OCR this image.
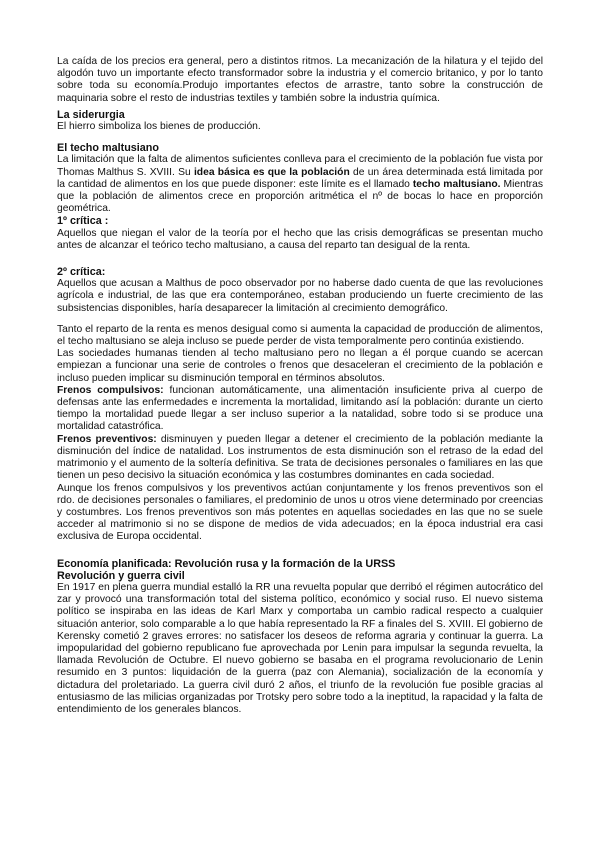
La caída de los precios era general, pero a distintos ritmos. La mecanización de la hilatura y el tejido del algodón tuvo un importante efecto transformador sobre la industria y el comercio britanico, y por lo tanto sobre toda su economía.Produjo importantes efectos de arrastre, tanto sobre la construcción de maquinaria sobre el resto de industrias textiles y también sobre la industria química.

La siderurgia

El hierro simboliza los bienes de producción.

El techo maltusiano

La limitación que la falta de alimentos suficientes conlleva para el crecimiento de la población fue vista por Thomas Malthus S. XVIII. Su idea básica es que la población de un área determinada está limitada por la cantidad de alimentos en los que puede disponer: este límite es el llamado techo maltusiano. Mientras que la población de alimentos crece en proporción aritmética el nº de bocas lo hace en proporción geométrica.

1º crítica :

Aquellos que niegan el valor de la teoría por el hecho que las crisis demográficas se presentan mucho antes de alcanzar el teórico techo maltusiano, a causa del reparto tan desigual de la renta.

2º crítica:

Aquellos que acusan a Malthus de poco observador por no haberse dado cuenta de que las revoluciones agrícola e industrial, de las que era contemporáneo, estaban produciendo un fuerte crecimiento de las subsistencias disponibles, haría desaparecer la limitación al crecimiento demográfico.

Tanto el reparto de la renta es menos desigual como si aumenta la capacidad de producción de alimentos, el techo maltusiano se aleja incluso se puede perder de vista temporalmente pero continúa existiendo.

Las sociedades humanas tienden al techo maltusiano pero no llegan a él porque cuando se acercan empiezan a funcionar una serie de controles o frenos que desaceleran el crecimiento de la población e incluso pueden implicar su disminución temporal en términos absolutos.

Frenos compulsivos: funcionan automáticamente, una alimentación insuficiente priva al cuerpo de defensas ante las enfermedades e incrementa la mortalidad, limitando así la población: durante un cierto tiempo la mortalidad puede llegar a ser incluso superior a la natalidad, sobre todo si se produce una mortalidad catastrófica.

Frenos preventivos: disminuyen y pueden llegar a detener el crecimiento de la población mediante la disminución del índice de natalidad. Los instrumentos de esta disminución son el retraso de la edad del matrimonio y el aumento de la soltería definitiva. Se trata de decisiones personales o familiares en las que tienen un peso decisivo la situación económica y las costumbres dominantes en cada sociedad.

Aunque los frenos compulsivos y los preventivos actúan conjuntamente y los frenos preventivos son el rdo. de decisiones personales o familiares, el predominio de unos u otros viene determinado por creencias y costumbres. Los frenos preventivos son más potentes en aquellas sociedades en las que no se suele acceder al matrimonio si no se dispone de medios de vida adecuados; en la época industrial era casi exclusiva de Europa occidental.

Economía planificada: Revolución rusa y la formación de la URSS

Revolución y guerra civil

En 1917 en plena guerra mundial estalló la RR una revuelta popular que derribó el régimen autocrático del zar y provocó una transformación total del sistema político, económico y social ruso. El nuevo sistema político se inspiraba en las ideas de Karl Marx y comportaba un cambio radical respecto a cualquier situación anterior, solo comparable a lo que había representado la RF a finales del S. XVIII. El gobierno de Kerensky cometió 2 graves errores: no satisfacer los deseos de reforma agraria y continuar la guerra. La impopularidad del gobierno republicano fue aprovechada por Lenin para impulsar la segunda revuelta, la llamada Revolución de Octubre. El nuevo gobierno se basaba en el programa revolucionario de Lenin resumido en 3 puntos: liquidación de la guerra (paz con Alemania), socialización de la economía y dictadura del proletariado. La guerra civil duró 2 años, el triunfo de la revolución fue posible gracias al entusiasmo de las milicias organizadas por Trotsky pero sobre todo a la ineptitud, la rapacidad y la falta de entendimiento de los generales blancos.
